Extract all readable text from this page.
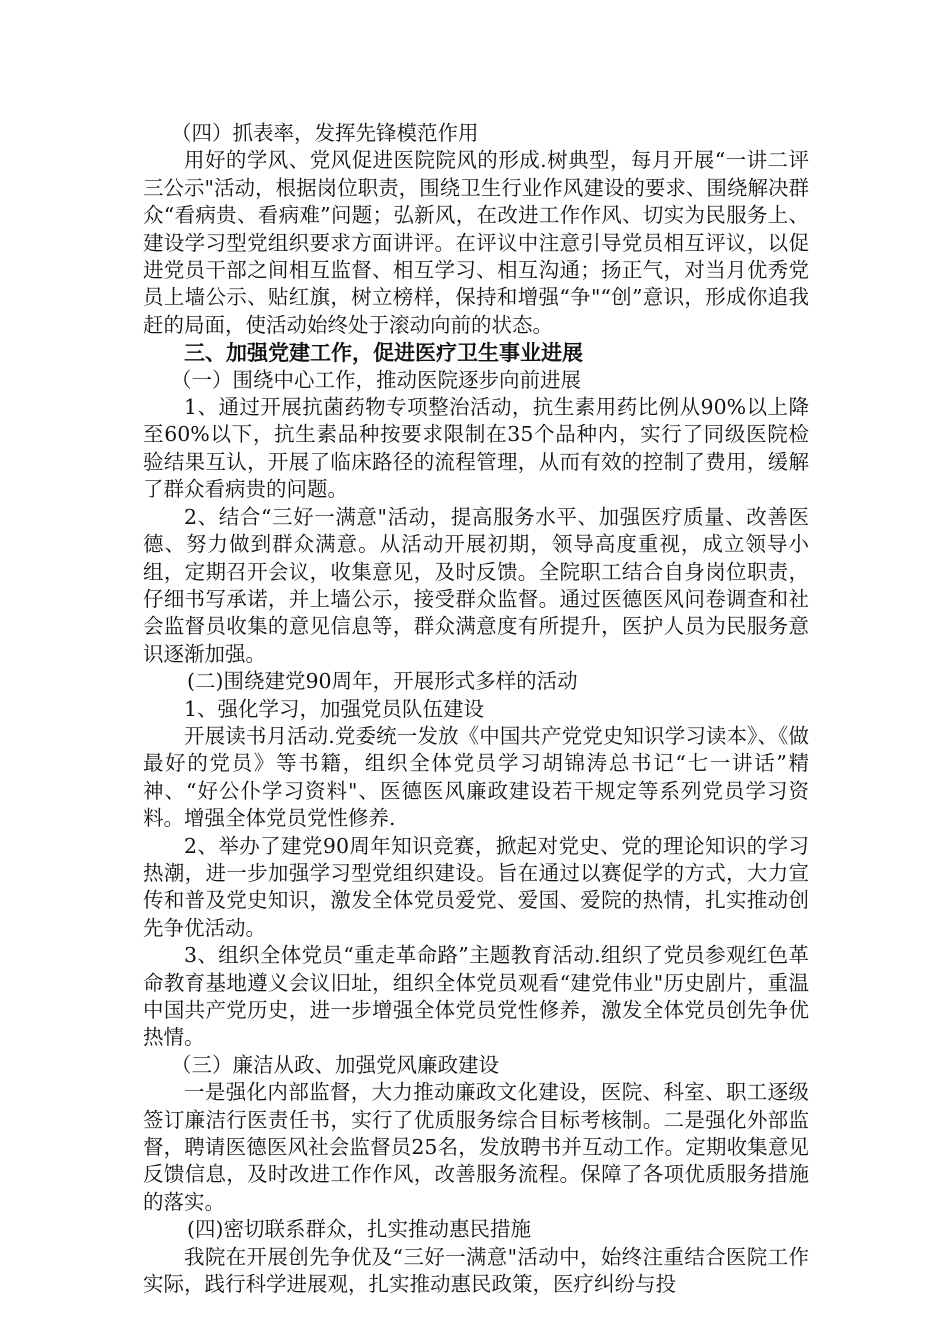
（四）抓表率，发挥先锋模范作用

用好的学风、党风促进医院院风的形成.树典型，每月开展“一讲二评三公示"活动，根据岗位职责，围绕卫生行业作风建设的要求、围绕解决群众“看病贵、看病难”问题；弘新风，在改进工作作风、切实为民服务上、建设学习型党组织要求方面讲评。在评议中注意引导党员相互评议，以促进党员干部之间相互监督、相互学习、相互沟通；扬正气，对当月优秀党员上墙公示、贴红旗，树立榜样，保持和增强“争"“创”意识，形成你追我赶的局面，使活动始终处于滚动向前的状态。

三、加强党建工作，促进医疗卫生事业进展

（一）围绕中心工作，推动医院逐步向前进展

1、通过开展抗菌药物专项整治活动，抗生素用药比例从90%以上降至60%以下，抗生素品种按要求限制在35个品种内，实行了同级医院检验结果互认，开展了临床路径的流程管理，从而有效的控制了费用，缓解了群众看病贵的问题。

2、结合“三好一满意"活动，提高服务水平、加强医疗质量、改善医德、努力做到群众满意。从活动开展初期，领导高度重视，成立领导小组，定期召开会议，收集意见，及时反馈。全院职工结合自身岗位职责，仔细书写承诺，并上墙公示，接受群众监督。通过医德医风问卷调查和社会监督员收集的意见信息等，群众满意度有所提升，医护人员为民服务意识逐渐加强。

(二)围绕建党90周年，开展形式多样的活动

1、强化学习，加强党员队伍建设

开展读书月活动.党委统一发放《中国共产党党史知识学习读本》、《做最好的党员》等书籍，组织全体党员学习胡锦涛总书记“七一讲话”精神、“好公仆学习资料"、医德医风廉政建设若干规定等系列党员学习资料。增强全体党员党性修养.

2、举办了建党90周年知识竞赛，掀起对党史、党的理论知识的学习热潮，进一步加强学习型党组织建设。旨在通过以赛促学的方式，大力宣传和普及党史知识，激发全体党员爱党、爱国、爱院的热情，扎实推动创先争优活动。

3、组织全体党员“重走革命路”主题教育活动.组织了党员参观红色革命教育基地遵义会议旧址，组织全体党员观看“建党伟业"历史剧片，重温中国共产党历史，进一步增强全体党员党性修养，激发全体党员创先争优热情。

（三）廉洁从政、加强党风廉政建设

一是强化内部监督，大力推动廉政文化建设，医院、科室、职工逐级签订廉洁行医责任书，实行了优质服务综合目标考核制。二是强化外部监督，聘请医德医风社会监督员25名，发放聘书并互动工作。定期收集意见反馈信息，及时改进工作作风，改善服务流程。保障了各项优质服务措施的落实。

(四)密切联系群众，扎实推动惠民措施

我院在开展创先争优及“三好一满意"活动中，始终注重结合医院工作实际，践行科学进展观，扎实推动惠民政策，医疗纠纷与投
